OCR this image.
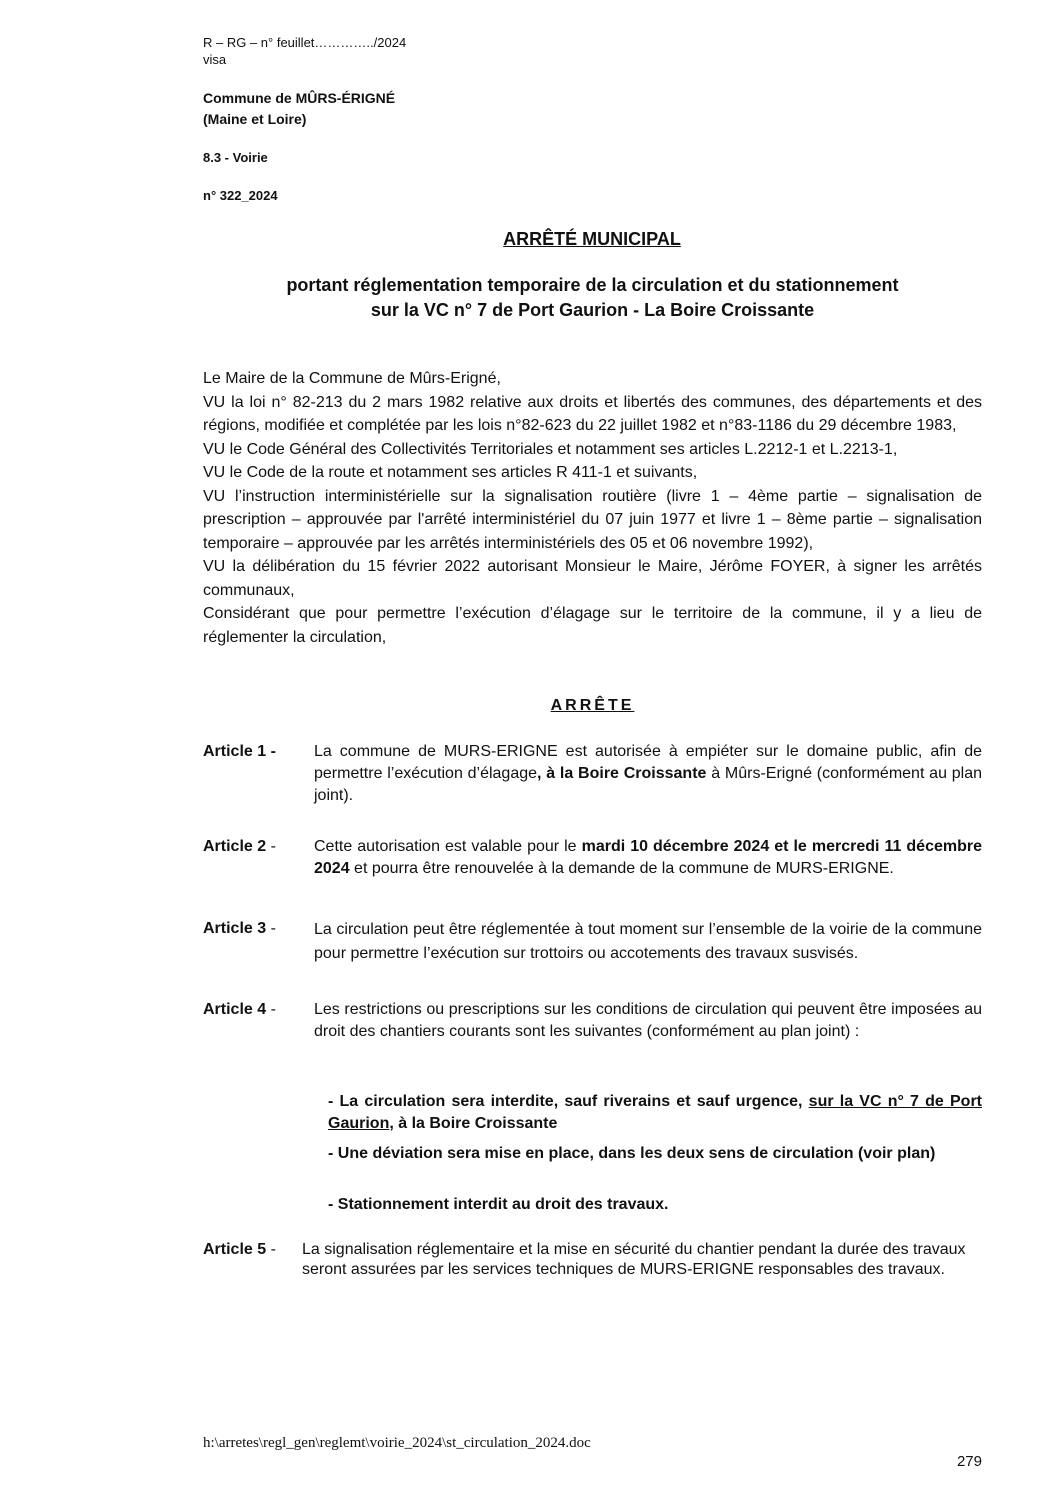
R – RG – n° feuillet…………../2024
visa
Commune de MÛRS-ÉRIGNÉ
(Maine et Loire)
8.3 - Voirie
n° 322_2024
ARRÊTÉ MUNICIPAL
portant réglementation temporaire de la circulation et du stationnement
sur la VC n° 7 de Port Gaurion - La Boire Croissante
Le Maire de la Commune de Mûrs-Erigné,
VU la loi n° 82-213 du 2 mars 1982 relative aux droits et libertés des communes, des départements et des régions, modifiée et complétée par les lois n°82-623 du 22 juillet 1982 et n°83-1186 du 29 décembre 1983,
VU le Code Général des Collectivités Territoriales et notamment ses articles L.2212-1 et L.2213-1,
VU le Code de la route et notamment ses articles R 411-1 et suivants,
VU l’instruction interministérielle sur la signalisation routière (livre 1 – 4ème partie – signalisation de prescription – approuvée par l'arrêté interministériel du 07 juin 1977 et livre 1 – 8ème partie – signalisation temporaire – approuvée par les arrêtés interministériels des 05 et 06 novembre 1992),
VU la délibération du 15 février 2022 autorisant Monsieur le Maire, Jérôme FOYER, à signer les arrêtés communaux,
Considérant que pour permettre l’exécution d’élagage sur le territoire de la commune, il y a lieu de réglementer la circulation,
ARRÊTE
Article 1 - La commune de MURS-ERIGNE est autorisée à empiéter sur le domaine public, afin de permettre l’exécution d’élagage, à la Boire Croissante à Mûrs-Erigné (conformément au plan joint).
Article 2 - Cette autorisation est valable pour le mardi 10 décembre 2024 et le mercredi 11 décembre 2024 et pourra être renouvelée à la demande de la commune de MURS-ERIGNE.
Article 3 - La circulation peut être réglementée à tout moment sur l’ensemble de la voirie de la commune pour permettre l’exécution sur trottoirs ou accotements des travaux susvisés.
Article 4 - Les restrictions ou prescriptions sur les conditions de circulation qui peuvent être imposées au droit des chantiers courants sont les suivantes (conformément au plan joint) :
- La circulation sera interdite, sauf riverains et sauf urgence, sur la VC n° 7 de Port Gaurion, à la Boire Croissante
- Une déviation sera mise en place, dans les deux sens de circulation (voir plan)
- Stationnement interdit au droit des travaux.
Article 5 - La signalisation réglementaire et la mise en sécurité du chantier pendant la durée des travaux seront assurées par les services techniques de MURS-ERIGNE responsables des travaux.
h:\arretes\regl_gen\reglemt\voirie_2024\st_circulation_2024.doc
279
